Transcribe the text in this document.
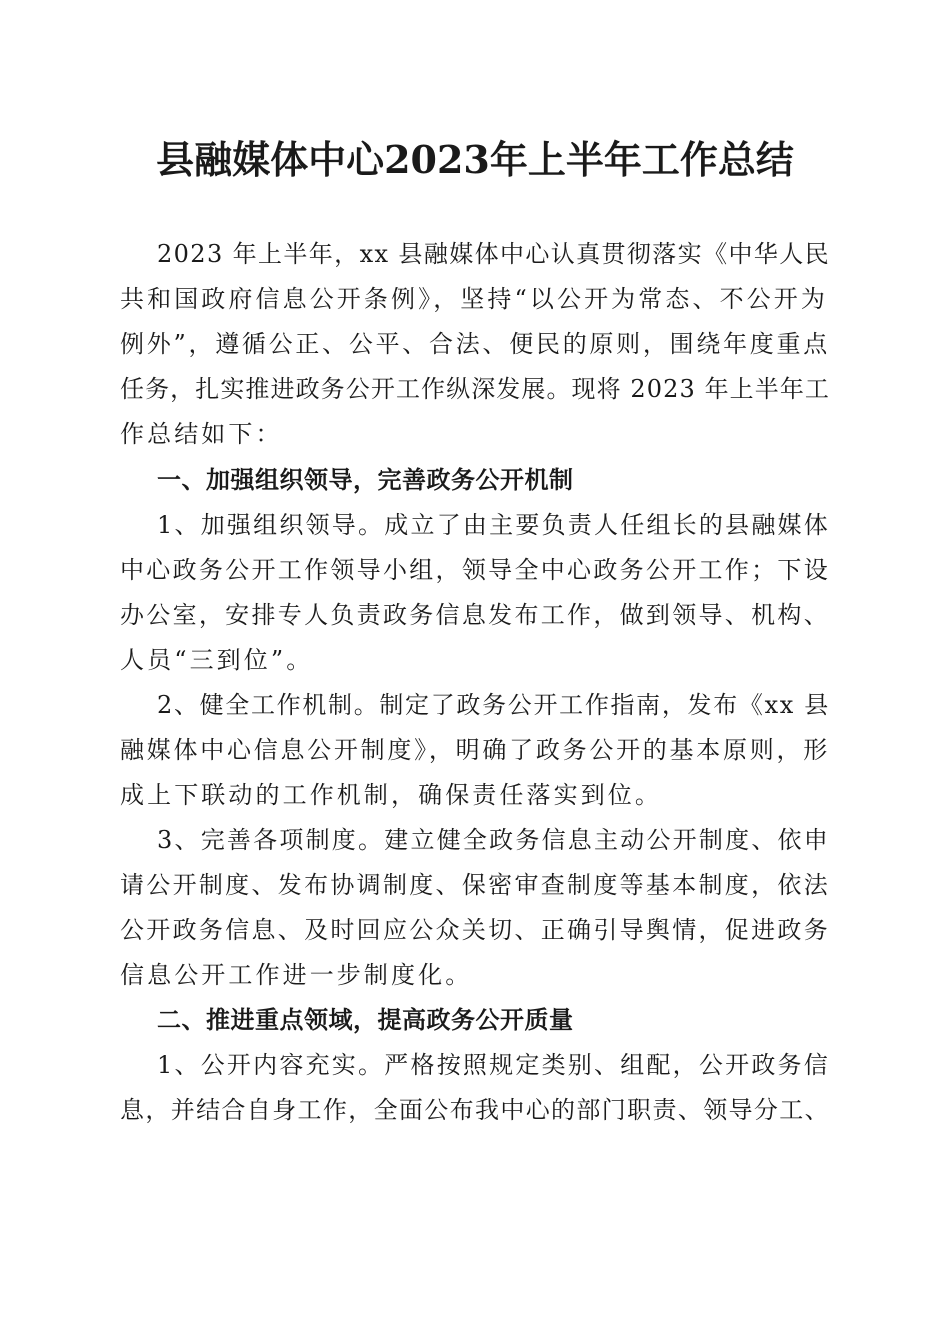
县融媒体中心2023年上半年工作总结
2023 年上半年，xx 县融媒体中心认真贯彻落实《中华人民
共和国政府信息公开条例》，坚持“以公开为常态、不公开为
例外”，遵循公正、公平、合法、便民的原则，围绕年度重点
任务，扎实推进政务公开工作纵深发展。现将 2023 年上半年工
作总结如下：
一、加强组织领导，完善政务公开机制
1、加强组织领导。成立了由主要负责人任组长的县融媒体
中心政务公开工作领导小组，领导全中心政务公开工作；下设
办公室，安排专人负责政务信息发布工作，做到领导、机构、
人员“三到位”。
2、健全工作机制。制定了政务公开工作指南，发布《xx 县
融媒体中心信息公开制度》，明确了政务公开的基本原则，形
成上下联动的工作机制，确保责任落实到位。
3、完善各项制度。建立健全政务信息主动公开制度、依申
请公开制度、发布协调制度、保密审查制度等基本制度，依法
公开政务信息、及时回应公众关切、正确引导舆情，促进政务
信息公开工作进一步制度化。
二、推进重点领域，提高政务公开质量
1、公开内容充实。严格按照规定类别、组配，公开政务信
息，并结合自身工作，全面公布我中心的部门职责、领导分工、
